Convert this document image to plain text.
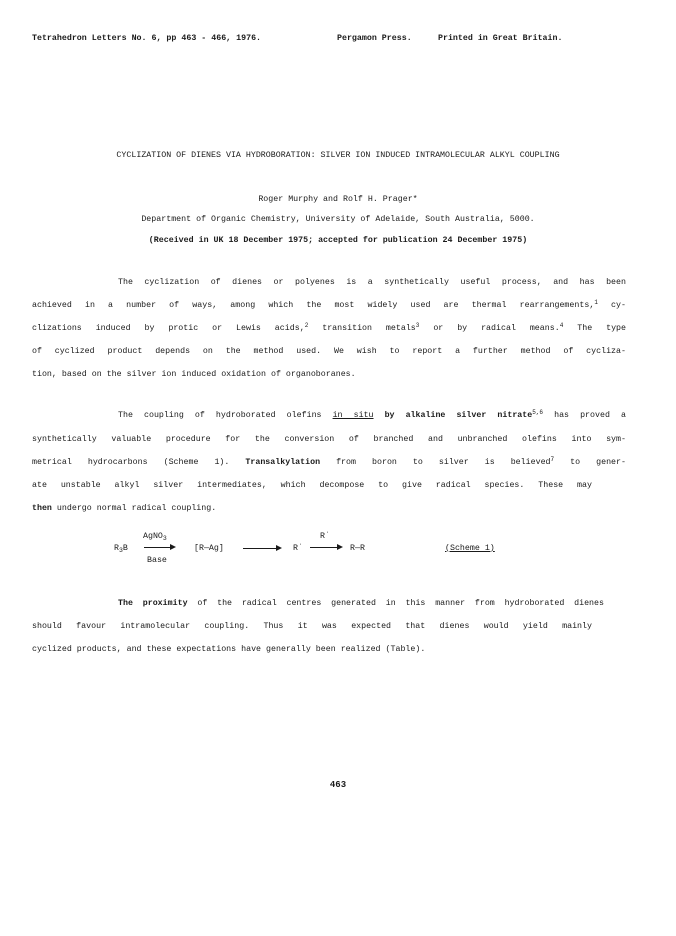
Tetrahedron Letters No. 6, pp 463 - 466, 1976.	Pergamon Press.	Printed in Great Britain.
CYCLIZATION OF DIENES VIA HYDROBORATION: SILVER ION INDUCED INTRAMOLECULAR ALKYL COUPLING
Roger Murphy and Rolf H. Prager*
Department of Organic Chemistry, University of Adelaide, South Australia, 5000.
(Received in UK 18 December 1975; accepted for publication 24 December 1975)
The cyclization of dienes or polyenes is a synthetically useful process, and has been
achieved in a number of ways, among which the most widely used are thermal rearrangements,$^1$ cy-
clizations induced by protic or Lewis acids,$^2$ transition metals$^3$ or by radical means.$^4$ The type
of cyclized product depends on the method used. We wish to report a further method of cycliza-
tion, based on the silver ion induced oxidation of organoboranes.
The coupling of hydroborated olefins in situ by alkaline silver nitrate$^{5,6}$ has proved a
synthetically valuable procedure for the conversion of branched and unbranched olefins into sym-
metrical hydrocarbons (Scheme 1). Transalkylation from boron to silver is believed$^7$ to gener-
ate unstable alkyl silver intermediates, which decompose to give radical species. These may
then undergo normal radical coupling.
$R_3B$
AgNO$_3$
Base
[R—Ag]	R˙
R˙
R—R	(Scheme 1)
The proximity of the radical centres generated in this manner from hydroborated dienes
should favour intramolecular coupling. Thus it was expected that dienes would yield mainly
cyclized products, and these expectations have generally been realized (Table).
463
